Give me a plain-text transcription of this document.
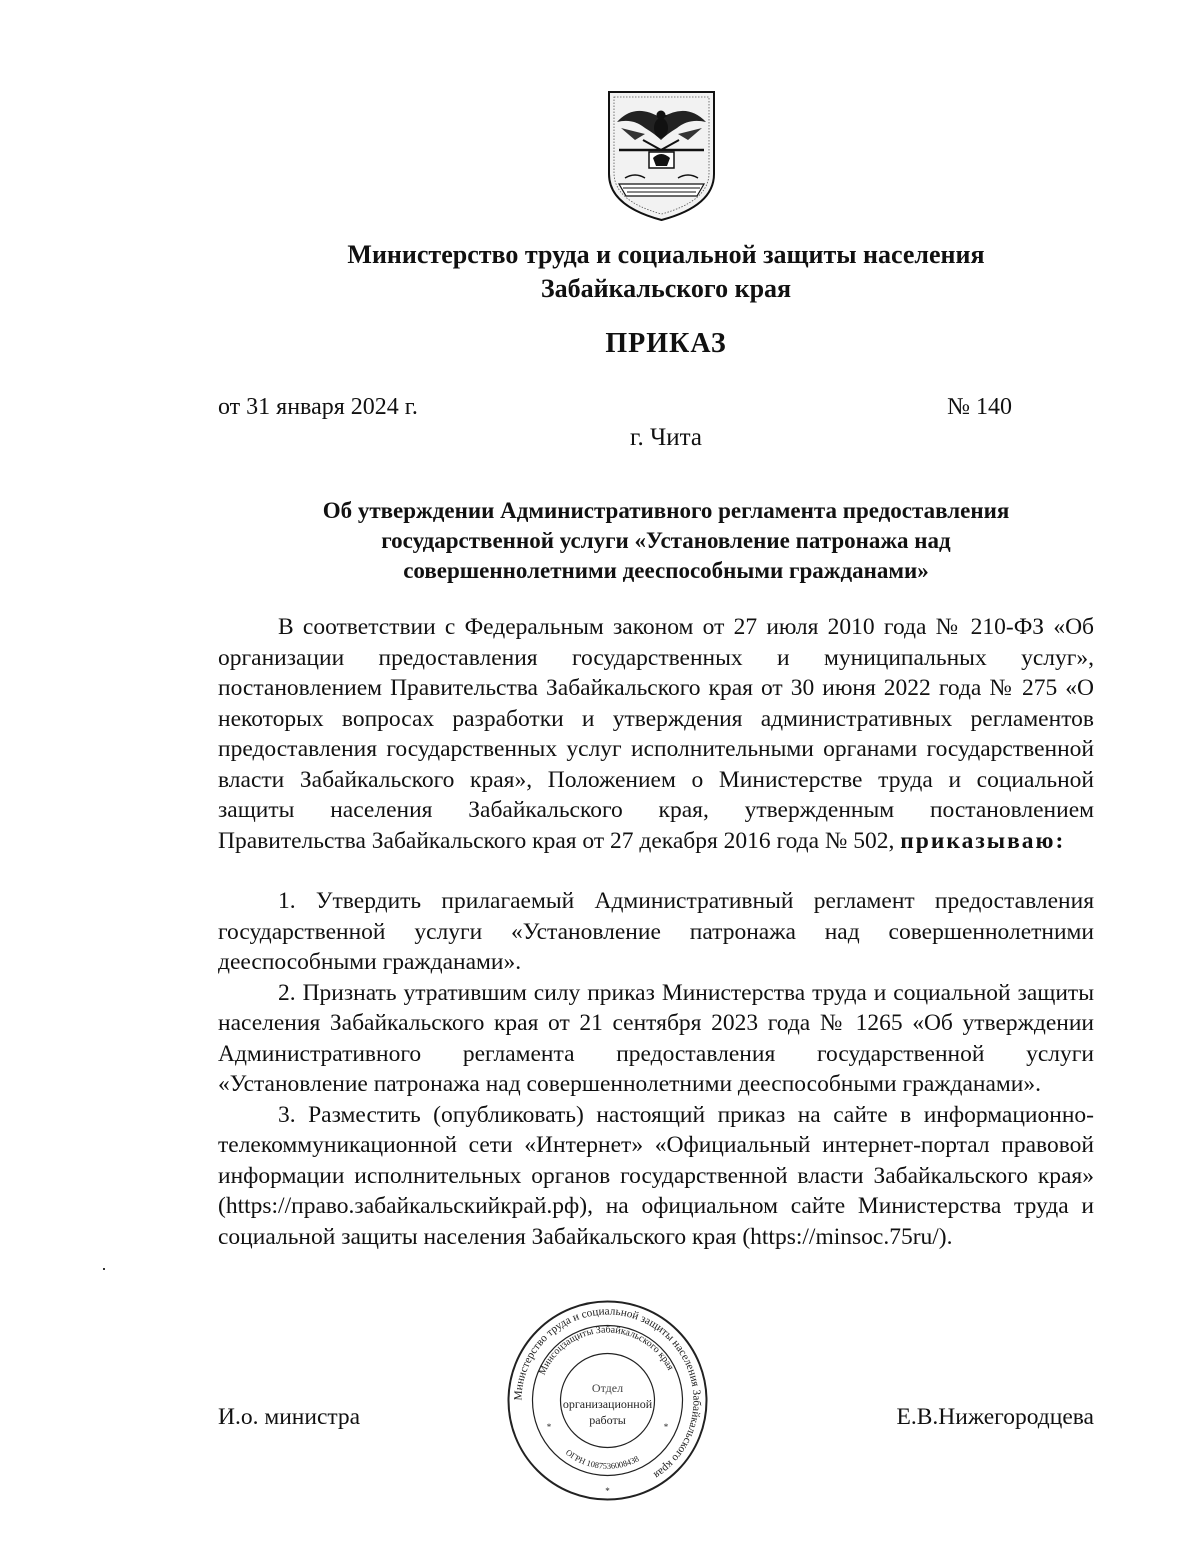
Министерство труда и социальной защиты населения
Забайкальского края
ПРИКАЗ
от 31 января 2024 г.	№ 140
г. Чита
Об утверждении Административного регламента предоставления
государственной услуги «Установление патронажа над
совершеннолетними дееспособными гражданами»

В соответствии с Федеральным законом от 27 июля 2010 года № 210-ФЗ «Об организации предоставления государственных и муниципальных услуг», постановлением Правительства Забайкальского края от 30 июня 2022 года № 275 «О некоторых вопросах разработки и утверждения административных регламентов предоставления государственных услуг исполнительными органами государственной власти Забайкальского края», Положением о Министерстве труда и социальной защиты населения Забайкальского края, утвержденным постановлением Правительства Забайкальского края от 27 декабря 2016 года № 502, приказываю:

1. Утвердить прилагаемый Административный регламент предоставления государственной услуги «Установление патронажа над совершеннолетними дееспособными гражданами».

2. Признать утратившим силу приказ Министерства труда и социальной защиты населения Забайкальского края от 21 сентября 2023 года № 1265 «Об утверждении Административного регламента предоставления государственной услуги «Установление патронажа над совершеннолетними дееспособными гражданами».

3. Разместить (опубликовать) настоящий приказ на сайте в информационно-телекоммуникационной сети «Интернет» «Официальный интернет-портал правовой информации исполнительных органов государственной власти Забайкальского края» (https://право.забайкальскийкрай.рф), на официальном сайте Министерства труда и социальной защиты населения Забайкальского края (https://minsoc.75ru/).

И.о. министра	Е.В.Нижегородцева
Министерство труда и социальной защиты населения Забайкальского края
Минсоцзащиты Забайкальского края
ОГРН 1087536008438
Отдел
организационной
работы
*
*	*
